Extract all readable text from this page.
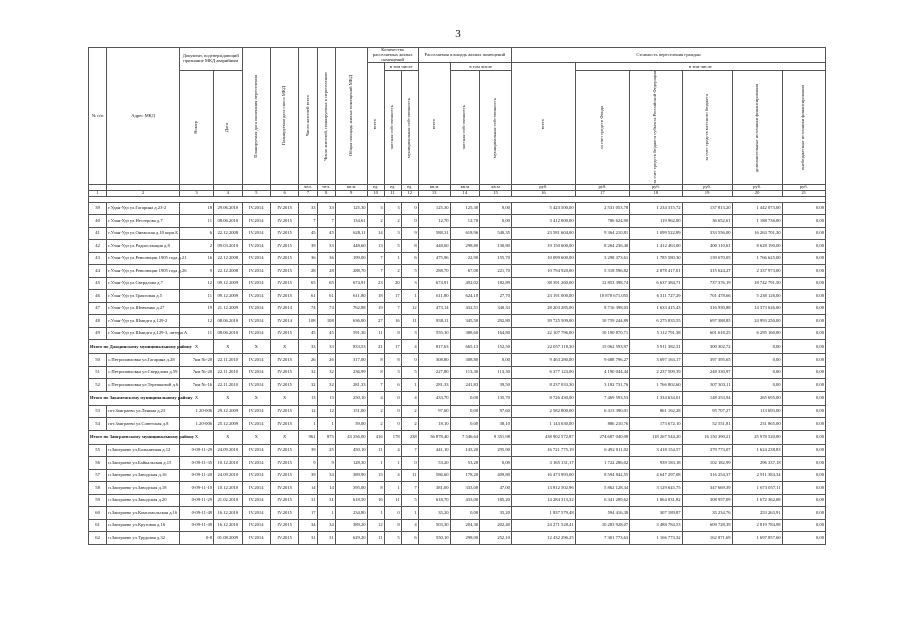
3
№ п/п	Адрес МКД	Документ, подтверждающий признание МКД аварийным		Планируемая дата окончания переселения	Планируемая дата сноса МКД	Число жителей всего	Число жителей, планируемых к переселению	Общая площадь жилых помещений МКД	Количество расселяемых жилых помещений			Расселяемая площадь жилых помещений			Стоимость переселения граждан					

									всего	в том числе		всего	в том числе		всего	в том числе				

		Номер	Дата							частная собственность	муниципальная собственность		частная собственность	муниципальная собственность		за счет средств Фонда	за счет средств бюджета субъекта Российской Федерации	за счет средств местного бюджета	дополнительные источники финансирования	внебюджетные источники финансирования

						чел.	чел.	кв.м	ед.	ед.	ед.	кв.м	кв.м	кв.м	руб.	руб.	руб.	руб.	руб.	руб.
1	2	3	4	5	6	7	8	9	10	11	12	13	14	15	16	17	18	19	20	21

39	г.Удан-Удэ ул.Гагарина д.23-2	18	29.06.2010	IV.2014	IV.2015	33	33	125,30	3	3	0	125,30	125,30	0,00	5 423 500,00	2 531 053,78	1 234 315,72	137 813,20	1 442 073,00	0,00
40	г.Улан-Удэ ул.Нестерова д.7	11	08.06.2010	IV.2014	IV.2015	7	7	134,61	2	2	0	12,70	12,70	0,00	3 412 000,00	786 624,90	119 962,00	36 652,61	1 188 736,00	0,00
41	г.Улан-Удэ ул.Онежская д.10 корп.Б	6	22.12.2008	IV.2014	IV.2015	45	45	628,11	14	3	9	588,31	618,96	540,35	23 581 604,00	9 364 210,81	1 099 522,89	333 556,00	16 263 701,30	0,00
42	г.Улан-Удэ ул.Радиостанция д.8	2	09.03.2010	IV.2014	IV.2015	39	33	448,60	13	5	8	448,60	298,80	130,80	19 150 600,00	8 264 236,40	1 412 463,00	400 110,61	8 628 190,00	0,00
43	г.Улан-Удэ ул.Революции 1905 года д.21	16	22.12.2008	IV.2014	IV.2015	36	36	199,00	7	1	6	475,96	22,90	155,70	10 099 600,00	3 298 373,61	1 785 580,30	139 670,05	1 766 625,00	0,00
44	г.Улан-Удэ ул.Революции 1905 года д.26	9	22.12.2008	IV.2014	IV.2015	28	28	288,70	7	2	5	288,70	67,00	221,70	10 794 920,00	5 318 596,82	2 878 417,01	315 624,27	2 337 973,00	0,00
45	г.Улан-Удэ ул.Свердлова д.7	12	09.12.2009	IV.2014	IV.2015	65	65	674,91	23	20	3	674,91	492,02	182,89	38 391 260,00	12 853 398,74	6 637 384,71	737 376,19	18 742 791,50	0,00
46	г.Улан-Удэ ул.Трактовая д.5	11	09.12.2009	IV.2014	IV.2015	61	61	611,80	18	17	1	611,80	624,10	27,70	23 191 000,00	10 878 671,055	6 311 727,29	701 478,66	5 238 126,00	0,00
47	г.Улан-Удэ ул.Шевченко д.27	19	21.12.2009	IV.2014	IV.2014	74	74	762,88	19	7	12	473,14	432,51	340,33	28 203 285,00	8 716 398,03	1 633 415,43	316 930,88	14 373 626,00	0,00
48	г.Улан-Удэ ул.Шмидта д.129-2	12	08.06.2010	IV.2014	IV.2014	108	108	636,00	27	16	11	838,11	345,50	292,80	39 725 509,00	10 759 244,89	6 275 835,55	697 388,85	24 993 250,00	0,00
49	г.Улан-Удэ ул.Шмидта д.129-3, литера А	11	08.06.2010	IV.2014	IV.2015	45	45	591,30	11	8	3	555,10	388,60	164,80	22 107 796,00	10 190 870,71	5 112 791,38	601 618,25	6 295 160,00	0,00
Итого по Джидинскому муниципальному району		X	X	X	X	33	33	833,53	21	17	4	817,63	665,13	152,50	22 057 118,30	15 062 593,97	5 911 382,31	300 302,72	0,00	0,00
50	с.Петропавловка ул.Гагарина д.28	7нм №-20	22.11.2010	IV.2014	IV.2015	26	26	317,00	8	8	0	308,80	308,80	0,00	9 463 280,00	9 688 796,27	3 697 163,17	397 395,65	0,00	0,00
51	с.Петропавловка ул.Свердлова д.59	7нм №-20	22.11.2010	IV.2014	IV.2015	32	32	236,99	8	3	5	227,80	113,30	113,30	6 377 123,00	4 190 044,44	2 237 509,39	248 330,97	0,00	0,00
52	с.Петропавловка ул.Терешковой д.6	7нм №-16	22.11.2010	IV.2014	IV.2015	32	32	281,33	7	6	1	281,33	241,83	39,50	8 237 033,30	3 182 731,76	1 766 802,60	307 303,11	0,00	0,00
Итого по Закаменскому муниципальному району		X	X	X	X	13	13	250,10	4	0	4	433,70	0,00	135,70	8 726 430,00	7 469 593,53	1 334 634,01	148 253,94	265 695,00	0,00
53	пгт.Заиграево ул.Ленина д.23	1.20-006	29.12.2009	IV.2014	IV.2015	12	12	151,00	2	0	2	97,60	0,00	97,60	2 582 800,00	6 413 390,01	861 162,28	95 707,27	113 693,00	0,00
54	пгт.Заиграево ул.Советская д.8	1.20-006	25.12.2009	IV.2014	IV.2015	1	1	39,00	2	0	2	18,10	0,00	38,10	1 143 630,00	886 210,76	173 672,10	52 551,81	231 865,00	0,00
Итого по Заиграевскому муниципальному району		X	X	X	X	961	875	43 256,00	416	178	238	36 878,40	7 546,64	9 351,98	438 902 572,87	274 687 040,08	118 267 544,20	16 150 390,21	25 978 520,00	0,00
55	п.Заиграево ул.Больничная д.12	0-09-11-29	24.09.2010	IV.2014	IV.2015	39	25	450,10	11	4	7	441,10	143,20	295,90	16 721 775,19	6 492 011,02	3 418 154,57	379 773,07	1 624 238,83	0,00
56	п.Заиграево ул.Байкальская д.15	0-09-11-35	10.12.2010	IV.2014	IV.2015	9	9	128,30	1	1	0	53,20	53,20	0,00	3 165 131,17	1 722 286,02	939 183,18	102 182,99	296 337,18	0,00
57	п.Заиграево ул.Заводская д.16	0-09-11-20	24.09.2010	IV.2014	IV.2015	39	34	389,90	15	4	11	586,60	178,20	409,80	16 473 993,00	8 594 842,55	4 647 297,08	316 254,37	2 911 384,34	0,00
58	п.Заиграево ул.Заводская д.18	0-09-11-10	10.12.2010	IV.2014	IV.2015	14	14	395,00	8	1	7	381,00	333,00	47,00	13 812 502,96	5 862 128,34	3 129 645,75	347 669,39	1 673 057,11	0,00
59	п.Заиграево ул.Заводская д.20	0-09-11-29	21.02.2010	IV.2014	IV.2015	31	31	618,50	16	11	5	618,70	433,00	185,20	14 284 313,32	6 341 289,62	1 864 031,82	308 957,09	1 672 362,08	0,00
60	п.Заиграево ул.Комсомольская д.16	0-09-11-49	16.12.2010	IV.2014	IV.2015	17	1	234,80	1	0	1	35,20	0,00	35,20	1 837 579,48	594 416,38	307 189,87	35 234,76	253 263,91	0,00
61	п.Заиграево ул.Круговая д.16	0-09-11-49	16.12.2010	IV.2014	IV.2015	34	34	389,20	12	8	4	503,30	204,30	202,40	24 271 528,41	10 283 928,07	3 488 784,53	609 728,39	2 819 784,98	0,00
62	п.Заиграево ул.Трудовая д.32	0-8	01.08.2009	IV.2014	IV.2015	31	31	629,20	11	5	6	550,10	298,00	252,10	12 432 296,25	7 301 773,63	1 166 773,32	162 871,69	1 697 857,60	0,00
